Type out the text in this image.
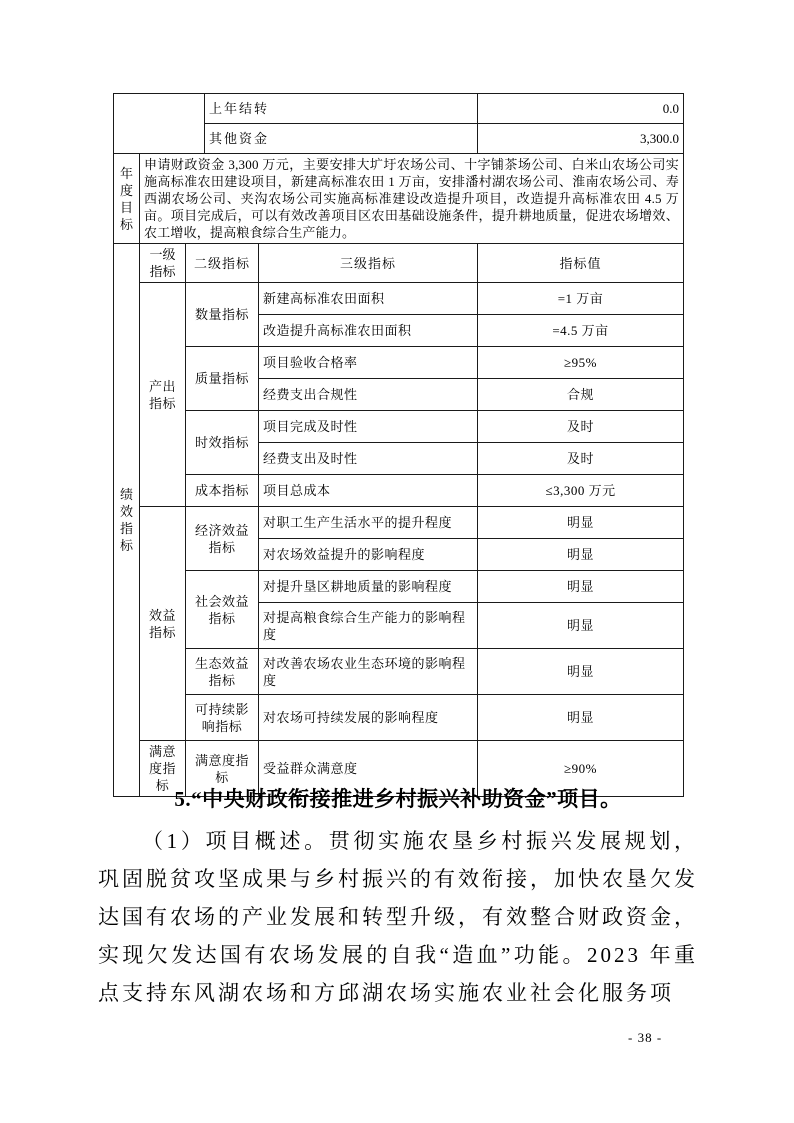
			上年结转		0.0
			其他资金		3,300.0
年度目标	申请财政资金 3,300 万元，主要安排大圹圩农场公司、十字铺茶场公司、白米山农场公司实施高标准农田建设项目，新建高标准农田 1 万亩，安排潘村湖农场公司、淮南农场公司、寿西湖农场公司、夹沟农场公司实施高标准建设改造提升项目，改造提升高标准农田 4.5 万亩。项目完成后，可以有效改善项目区农田基础设施条件，提升耕地质量，促进农场增效、农工增收，提高粮食综合生产能力。				
绩效指标	一级指标	二级指标		三级指标	指标值
	产出指标	数量指标		新建高标准农田面积	=1 万亩
				改造提升高标准农田面积	=4.5 万亩
		质量指标		项目验收合格率	≥95%
				经费支出合规性	合规
		时效指标		项目完成及时性	及时
				经费支出及时性	及时
		成本指标		项目总成本	≤3,300 万元
	效益指标	经济效益指标		对职工生产生活水平的提升程度	明显
				对农场效益提升的影响程度	明显
		社会效益指标		对提升垦区耕地质量的影响程度	明显
				对提高粮食综合生产能力的影响程度	明显
		生态效益指标		对改善农场农业生态环境的影响程度	明显
		可持续影响指标		对农场可持续发展的影响程度	明显
	满意度指标	满意度指标		受益群众满意度	≥90%

5.“中央财政衔接推进乡村振兴补助资金”项目。

（1）项目概述。贯彻实施农垦乡村振兴发展规划，巩固脱贫攻坚成果与乡村振兴的有效衔接，加快农垦欠发达国有农场的产业发展和转型升级，有效整合财政资金，实现欠发达国有农场发展的自我“造血”功能。2023 年重点支持东风湖农场和方邱湖农场实施农业社会化服务项

- 38 -
